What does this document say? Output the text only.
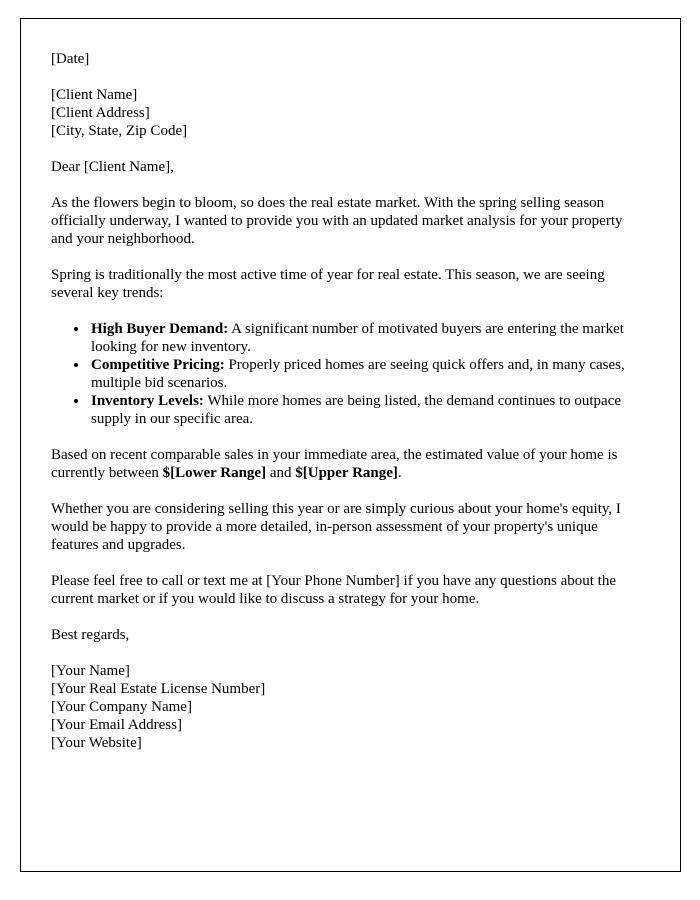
[Date]

[Client Name]

[Client Address]

[City, State, Zip Code]

Dear [Client Name],

As the flowers begin to bloom, so does the real estate market. With the spring selling season officially underway, I wanted to provide you with an updated market analysis for your property and your neighborhood.

Spring is traditionally the most active time of year for real estate. This season, we are seeing several key trends:

• High Buyer Demand: A significant number of motivated buyers are entering the market looking for new inventory.
• Competitive Pricing: Properly priced homes are seeing quick offers and, in many cases, multiple bid scenarios.
• Inventory Levels: While more homes are being listed, the demand continues to outpace supply in our specific area.

Based on recent comparable sales in your immediate area, the estimated value of your home is currently between $[Lower Range] and $[Upper Range].

Whether you are considering selling this year or are simply curious about your home's equity, I would be happy to provide a more detailed, in-person assessment of your property's unique features and upgrades.

Please feel free to call or text me at [Your Phone Number] if you have any questions about the current market or if you would like to discuss a strategy for your home.

Best regards,

[Your Name]

[Your Real Estate License Number]

[Your Company Name]

[Your Email Address]

[Your Website]
